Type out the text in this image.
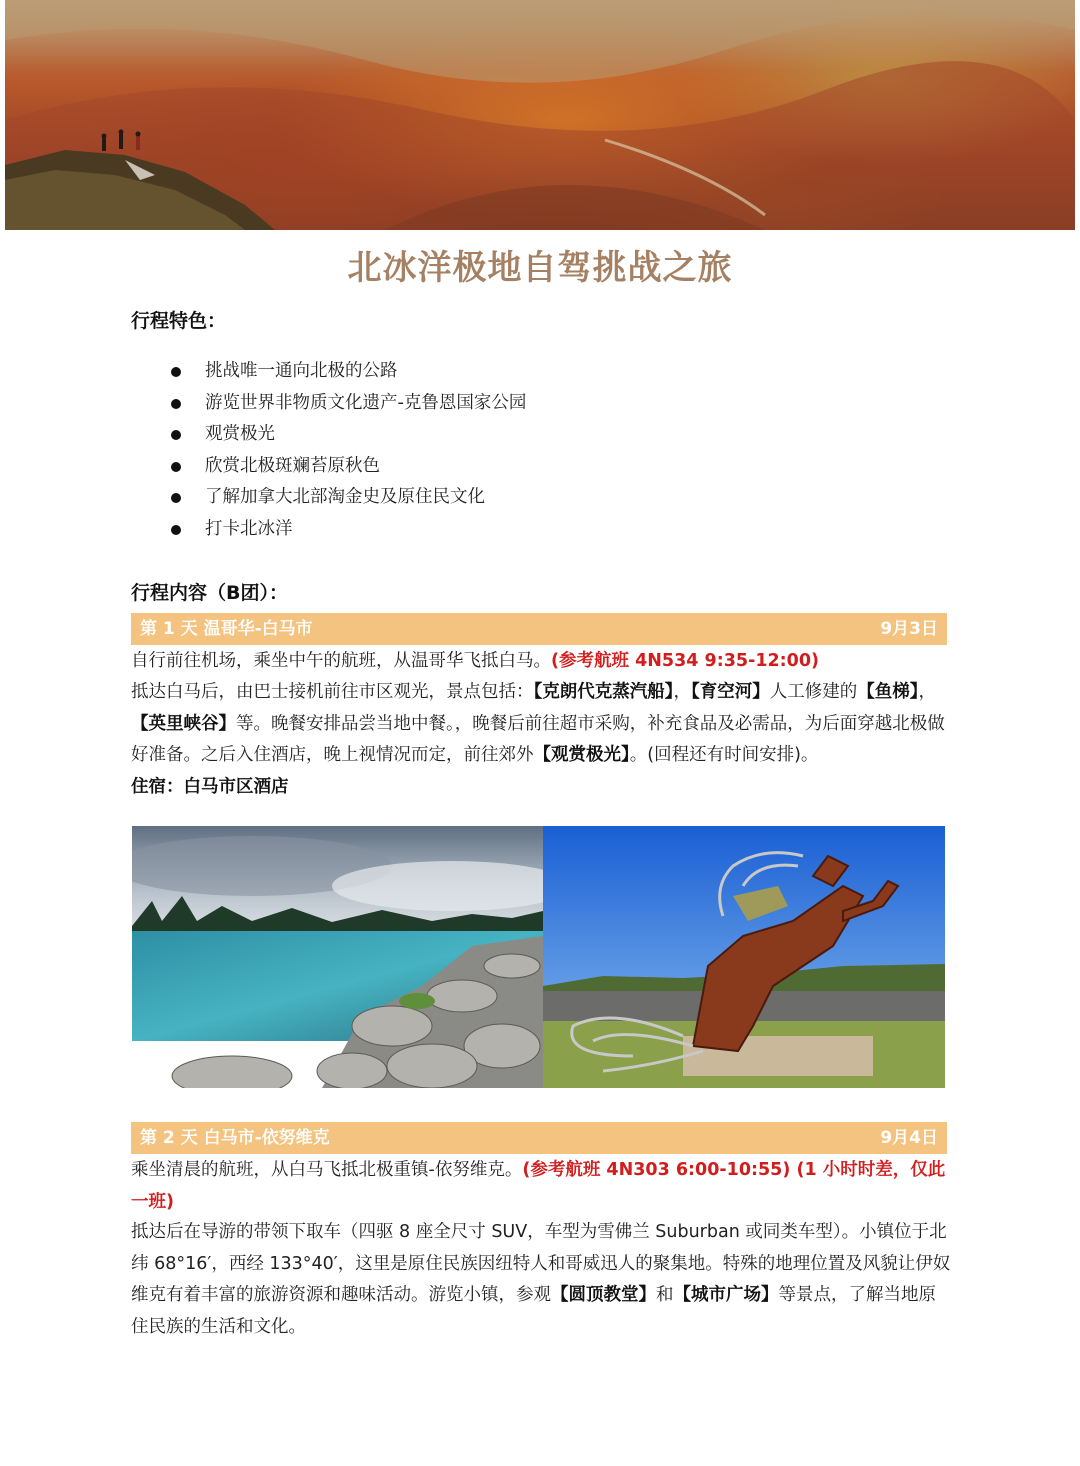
北冰洋极地自驾挑战之旅
行程特色：
挑战唯一通向北极的公路
游览世界非物质文化遗产-克鲁恩国家公园
观赏极光
欣赏北极斑斓苔原秋色
了解加拿大北部淘金史及原住民文化
打卡北冰洋
行程内容（B团）：
第 1 天 温哥华-白马市	9月3日

自行前往机场，乘坐中午的航班，从温哥华飞抵白马。(参考航班 4N534 9:35-12:00)

抵达白马后，由巴士接机前往市区观光，景点包括：【克朗代克蒸汽船】，【育空河】人工修建的【鱼梯】，【英里峡谷】等。晚餐安排品尝当地中餐。，晚餐后前往超市采购，补充食品及必需品，为后面穿越北极做好准备。之后入住酒店，晚上视情况而定，前往郊外【观赏极光】。(回程还有时间安排)。

住宿：白马市区酒店

第 2 天 白马市-依努维克	9月4日

乘坐清晨的航班，从白马飞抵北极重镇-依努维克。(参考航班 4N303 6:00-10:55) (1 小时时差，仅此一班)

抵达后在导游的带领下取车（四驱 8 座全尺寸 SUV，车型为雪佛兰 Suburban 或同类车型）。小镇位于北纬 68°16′，西经 133°40′，这里是原住民族因纽特人和哥威迅人的聚集地。特殊的地理位置及风貌让伊奴维克有着丰富的旅游资源和趣味活动。游览小镇，参观【圆顶教堂】和【城市广场】等景点，了解当地原住民族的生活和文化。
